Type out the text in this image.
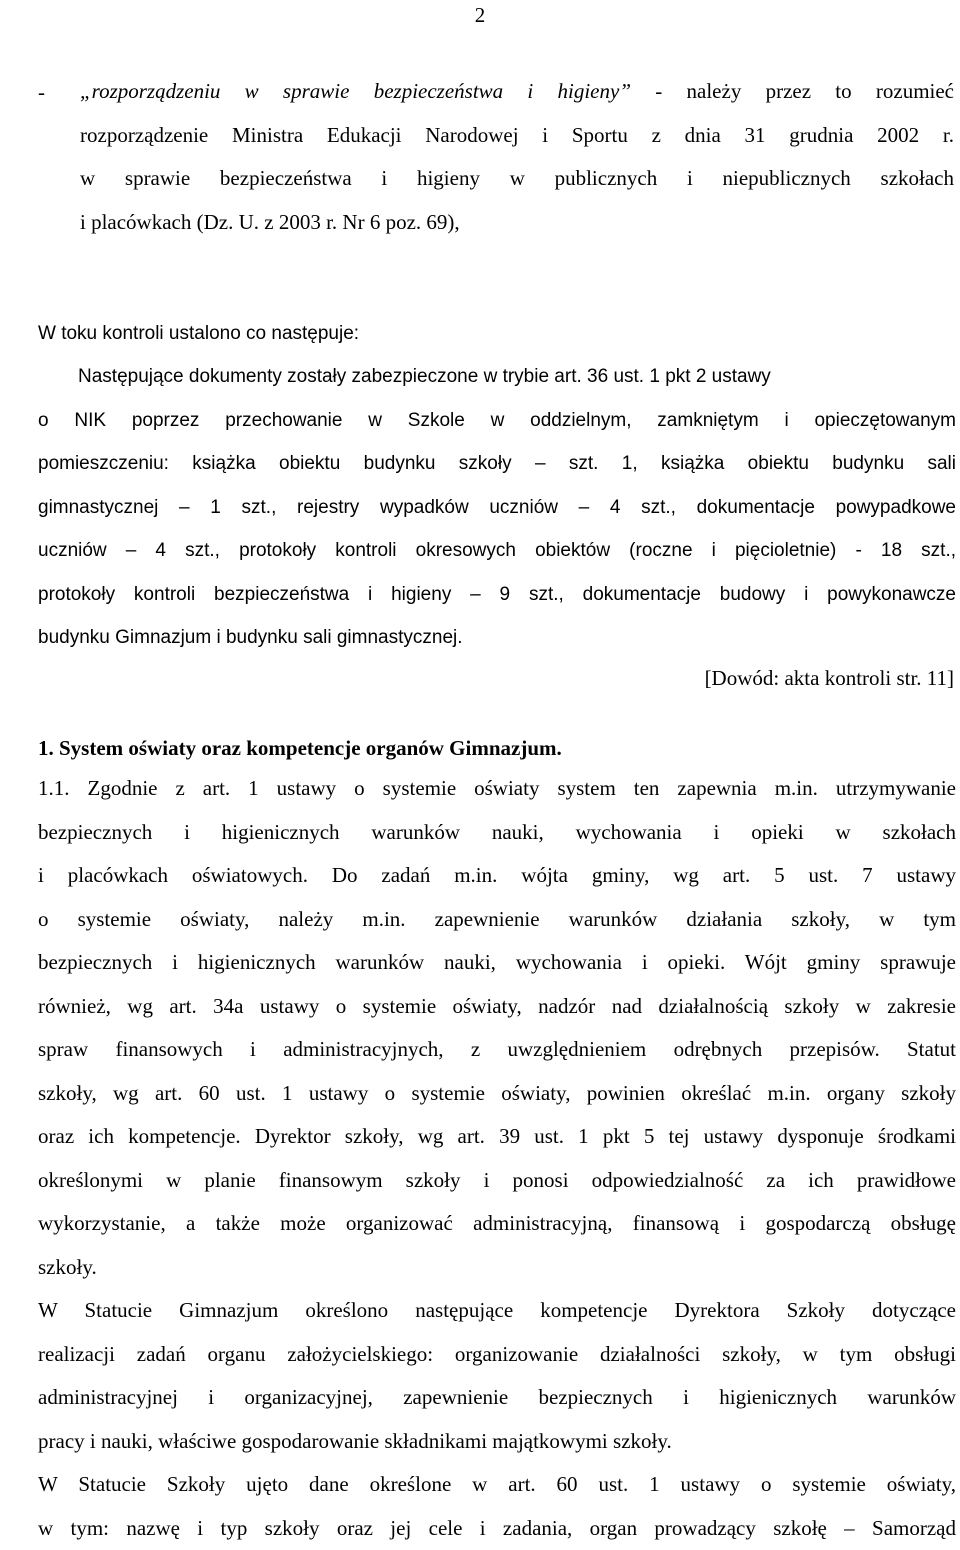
2
- „rozporządzeniu w sprawie bezpieczeństwa i higieny” - należy przez to rozumieć
rozporządzenie Ministra Edukacji Narodowej i Sportu z dnia 31 grudnia 2002 r.
w sprawie bezpieczeństwa i higieny w publicznych i niepublicznych szkołach
i placówkach (Dz. U. z 2003 r. Nr 6 poz. 69),
W toku kontroli ustalono co następuje:
Następujące dokumenty zostały zabezpieczone w trybie art. 36 ust. 1 pkt 2 ustawy
o NIK poprzez przechowanie w Szkole w oddzielnym, zamkniętym i opieczętowanym
pomieszczeniu: książka obiektu budynku szkoły – szt. 1, książka obiektu budynku sali
gimnastycznej – 1 szt., rejestry wypadków uczniów – 4 szt., dokumentacje powypadkowe
uczniów – 4 szt., protokoły kontroli okresowych obiektów (roczne i pięcioletnie) - 18 szt.,
protokoły kontroli bezpieczeństwa i higieny – 9 szt., dokumentacje budowy i powykonawcze
budynku Gimnazjum i budynku sali gimnastycznej.
[Dowód: akta kontroli str. 11]
1. System oświaty oraz kompetencje organów Gimnazjum.
1.1. Zgodnie z art. 1 ustawy o systemie oświaty system ten zapewnia m.in. utrzymywanie
bezpiecznych i higienicznych warunków nauki, wychowania i opieki w szkołach
i placówkach oświatowych. Do zadań m.in. wójta gminy, wg art. 5 ust. 7 ustawy
o systemie oświaty, należy m.in. zapewnienie warunków działania szkoły, w tym
bezpiecznych i higienicznych warunków nauki, wychowania i opieki. Wójt gminy sprawuje
również, wg art. 34a ustawy o systemie oświaty, nadzór nad działalnością szkoły w zakresie
spraw finansowych i administracyjnych, z uwzględnieniem odrębnych przepisów. Statut
szkoły, wg art. 60 ust. 1 ustawy o systemie oświaty, powinien określać m.in. organy szkoły
oraz ich kompetencje. Dyrektor szkoły, wg art. 39 ust. 1 pkt 5 tej ustawy dysponuje środkami
określonymi w planie finansowym szkoły i ponosi odpowiedzialność za ich prawidłowe
wykorzystanie, a także może organizować administracyjną, finansową i gospodarczą obsługę
szkoły.
W Statucie Gimnazjum określono następujące kompetencje Dyrektora Szkoły dotyczące
realizacji zadań organu założycielskiego: organizowanie działalności szkoły, w tym obsługi
administracyjnej i organizacyjnej, zapewnienie bezpiecznych i higienicznych warunków
pracy i nauki, właściwe gospodarowanie składnikami majątkowymi szkoły.
W Statucie Szkoły ujęto dane określone w art. 60 ust. 1 ustawy o systemie oświaty,
w tym: nazwę i typ szkoły oraz jej cele i zadania, organ prowadzący szkołę – Samorząd
